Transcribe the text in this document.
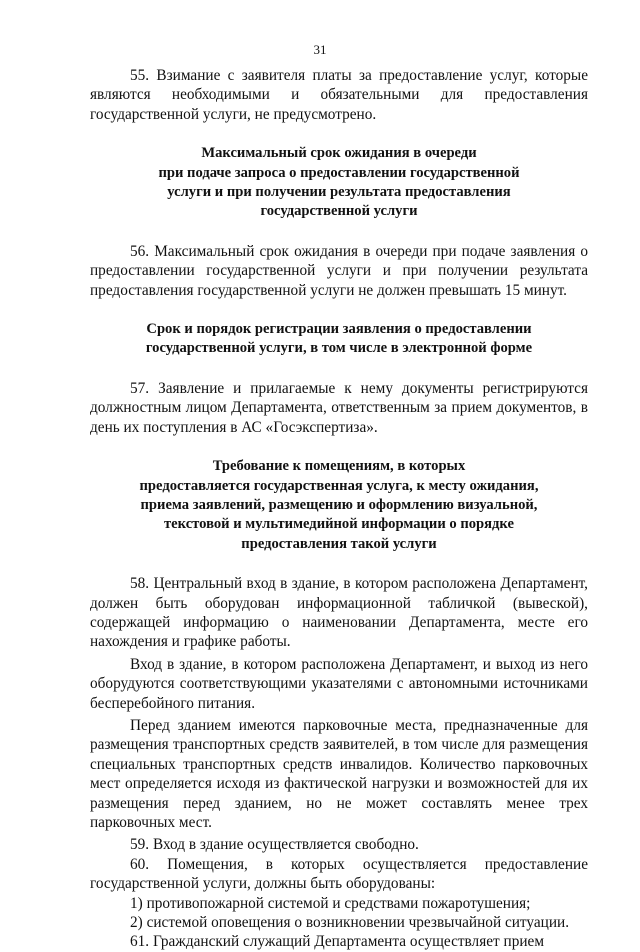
31

55. Взимание с заявителя платы за предоставление услуг, которые являются необходимыми и обязательными для предоставления государственной услуги, не предусмотрено.

Максимальный срок ожидания в очереди

при подаче запроса о предоставлении государственной

услуги и при получении результата предоставления

государственной услуги

56. Максимальный срок ожидания в очереди при подаче заявления о предоставлении государственной услуги и при получении результата предоставления государственной услуги не должен превышать 15 минут.

Срок и порядок регистрации заявления о предоставлении

государственной услуги, в том числе в электронной форме

57. Заявление и прилагаемые к нему документы регистрируются должностным лицом Департамента, ответственным за прием документов, в день их поступления в АС «Госэкспертиза».

Требование к помещениям, в которых

предоставляется государственная услуга, к месту ожидания,

приема заявлений, размещению и оформлению визуальной,

текстовой и мультимедийной информации о порядке

предоставления такой услуги

58. Центральный вход в здание, в котором расположена Департамент, должен быть оборудован информационной табличкой (вывеской), содержащей информацию о наименовании Департамента, месте его нахождения и графике работы.

Вход в здание, в котором расположена Департамент, и выход из него оборудуются соответствующими указателями с автономными источниками бесперебойного питания.

Перед зданием имеются парковочные места, предназначенные для размещения транспортных средств заявителей, в том числе для размещения специальных транспортных средств инвалидов. Количество парковочных мест определяется исходя из фактической нагрузки и возможностей для их размещения перед зданием, но не может составлять менее трех парковочных мест.

59. Вход в здание осуществляется свободно.

60. Помещения, в которых осуществляется предоставление государственной услуги, должны быть оборудованы:

1) противопожарной системой и средствами пожаротушения;

2) системой оповещения о возникновении чрезвычайной ситуации.

61. Гражданский служащий Департамента осуществляет прием
